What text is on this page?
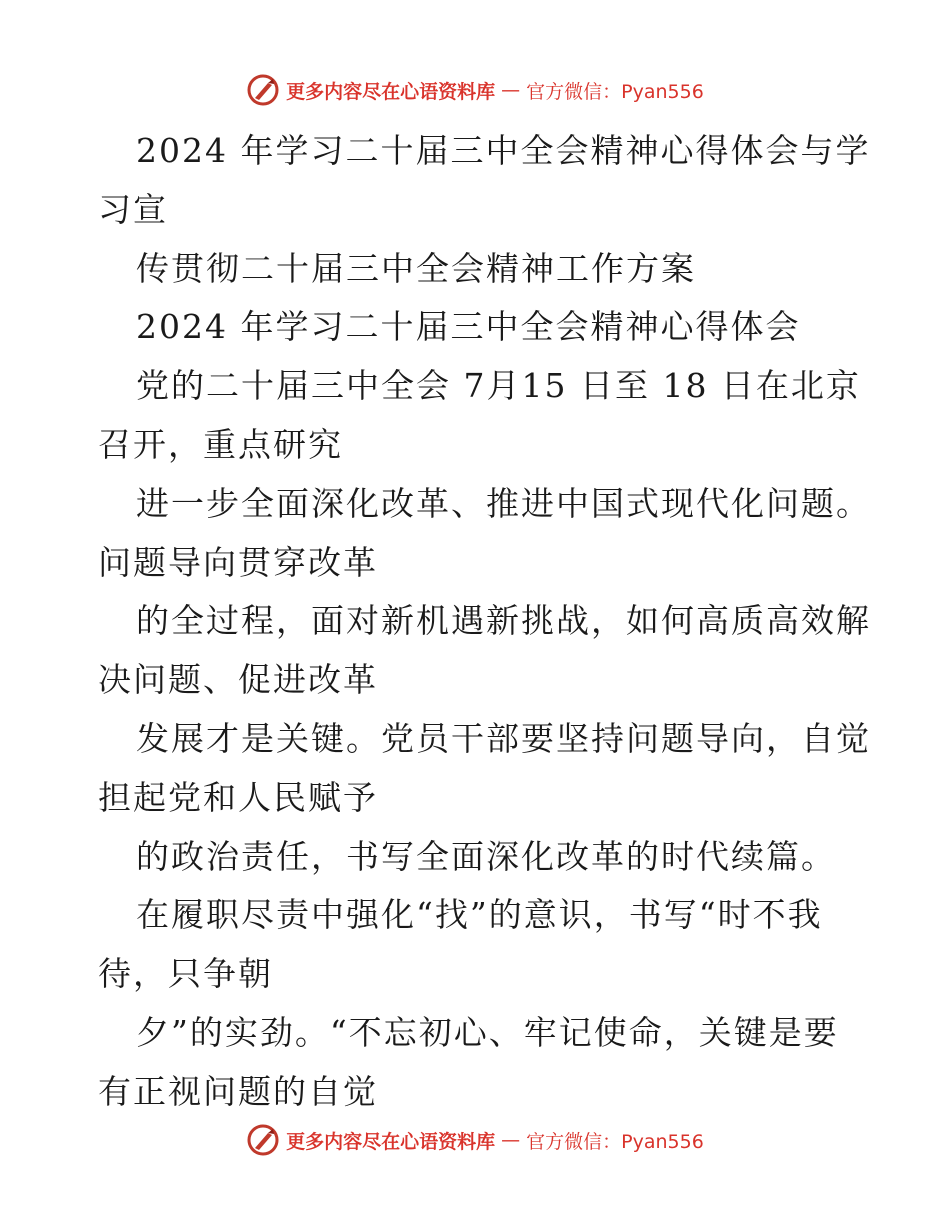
更多内容尽在心语资料库 — 官方微信：Pyan556
2024 年学习二十届三中全会精神心得体会与学
习宣
传贯彻二十届三中全会精神工作方案
2024 年学习二十届三中全会精神心得体会
党的二十届三中全会 7月15 日至 18 日在北京
召开，重点研究
进一步全面深化改革、推进中国式现代化问题。
问题导向贯穿改革
的全过程，面对新机遇新挑战，如何高质高效解
决问题、促进改革
发展才是关键。党员干部要坚持问题导向，自觉
担起党和人民赋予
的政治责任，书写全面深化改革的时代续篇。
在履职尽责中强化“找”的意识，书写“时不我
待，只争朝
夕”的实劲。“不忘初心、牢记使命，关键是要
有正视问题的自觉
更多内容尽在心语资料库 — 官方微信：Pyan556
